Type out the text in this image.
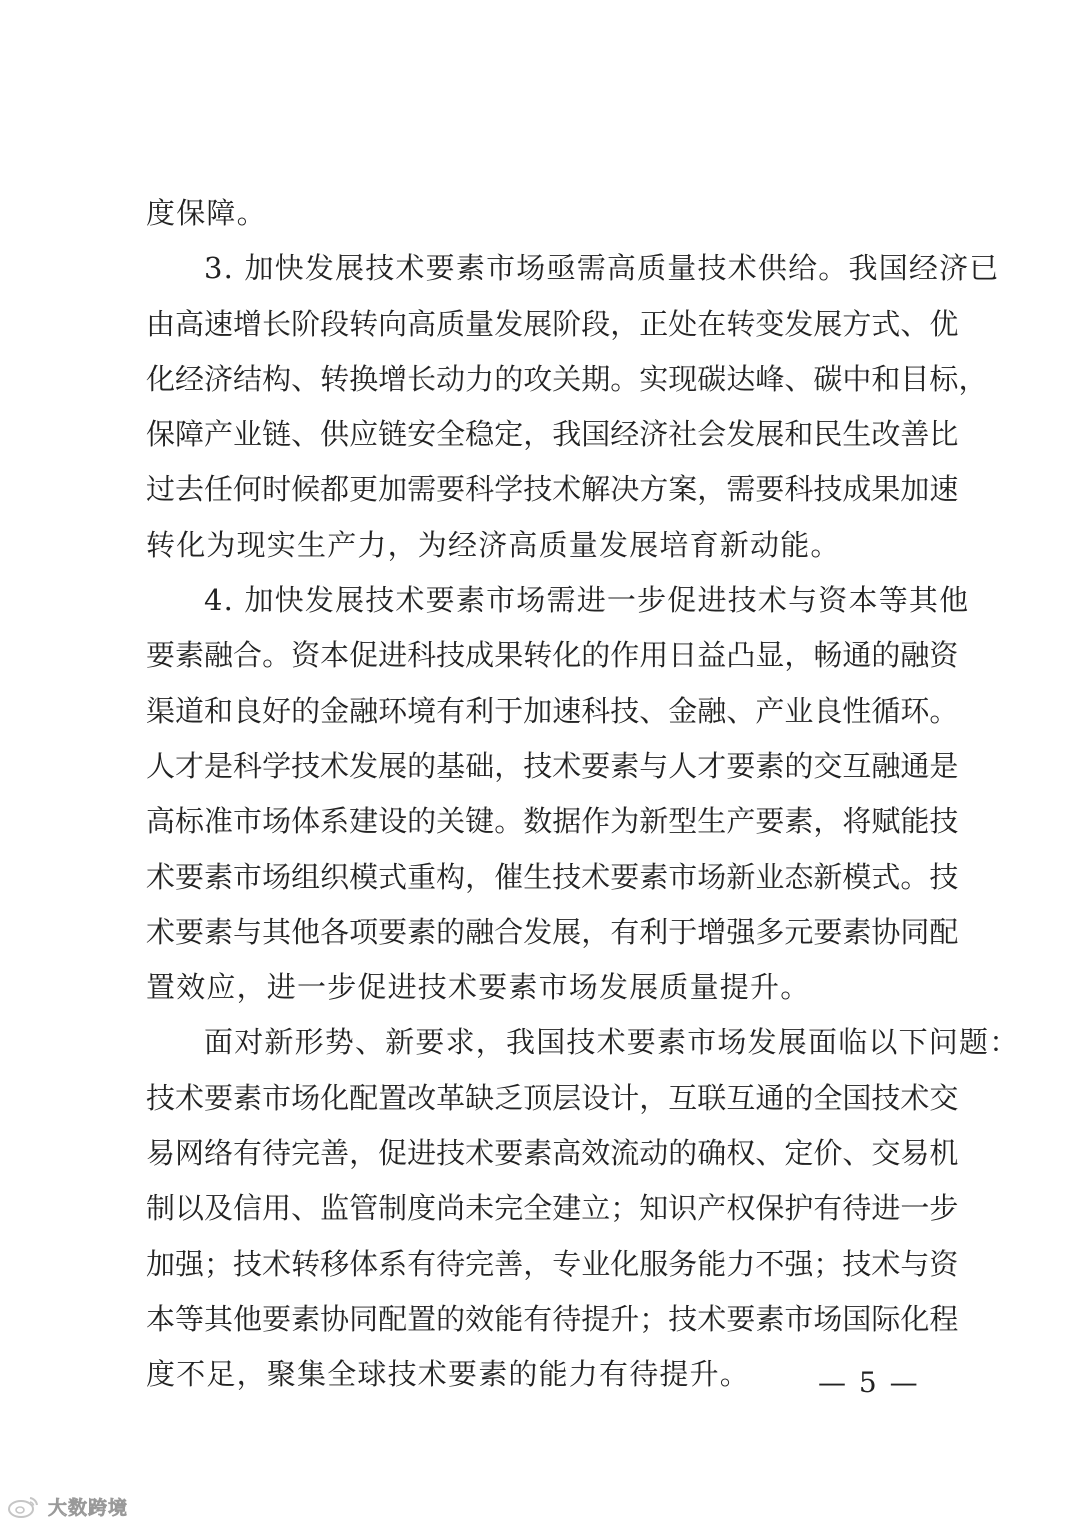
度保障。
3. 加快发展技术要素市场亟需高质量技术供给。我国经济已
由 高 速 增 长 阶 段 转 向 高 质 量 发 展 阶 段 ， 正 处 在 转 变 发 展 方 式 、 优
化 经 济 结 构 、 转 换 增 长 动 力 的 攻 关 期 。 实 现 碳 达 峰 、 碳 中 和 目 标 ，
保 障 产 业 链 、 供 应 链 安 全 稳 定 ， 我 国 经 济 社 会 发 展 和 民 生 改 善 比
过 去 任 何 时 候 都 更 加 需 要 科 学 技 术 解 决 方 案 ， 需 要 科 技 成 果 加 速
转化为现实生产力，为经济高质量发展培育新动能。
4. 加快发展技术要素市场需进一步促进技术与资本等其他
要 素 融 合 。 资 本 促 进 科 技 成 果 转 化 的 作 用 日 益 凸 显 ， 畅 通 的 融 资
渠 道 和 良 好 的 金 融 环 境 有 利 于 加 速 科 技 、 金 融 、 产 业 良 性 循 环 。
人 才 是 科 学 技 术 发 展 的 基 础 ， 技 术 要 素 与 人 才 要 素 的 交 互 融 通 是
高 标 准 市 场 体 系 建 设 的 关 键 。 数 据 作 为 新 型 生 产 要 素 ， 将 赋 能 技
术 要 素 市 场 组 织 模 式 重 构 ， 催 生 技 术 要 素 市 场 新 业 态 新 模 式 。 技
术 要 素 与 其 他 各 项 要 素 的 融 合 发 展 ， 有 利 于 增 强 多 元 要 素 协 同 配
置效应，进一步促进技术要素市场发展质量提升。
面对新形势、新要求，我国技术要素市场发展面临以下问题：
技 术 要 素 市 场 化 配 置 改 革 缺 乏 顶 层 设 计 ， 互 联 互 通 的 全 国 技 术 交
易 网 络 有 待 完 善 ， 促 进 技 术 要 素 高 效 流 动 的 确 权 、 定 价 、 交 易 机
制 以 及 信 用 、 监 管 制 度 尚 未 完 全 建 立 ； 知 识 产 权 保 护 有 待 进 一 步
加 强 ； 技 术 转 移 体 系 有 待 完 善 ， 专 业 化 服 务 能 力 不 强 ； 技 术 与 资
本 等 其 他 要 素 协 同 配 置 的 效 能 有 待 提 升 ； 技 术 要 素 市 场 国 际 化 程
度不足，聚集全球技术要素的能力有待提升。	— 5 —
大数跨境
